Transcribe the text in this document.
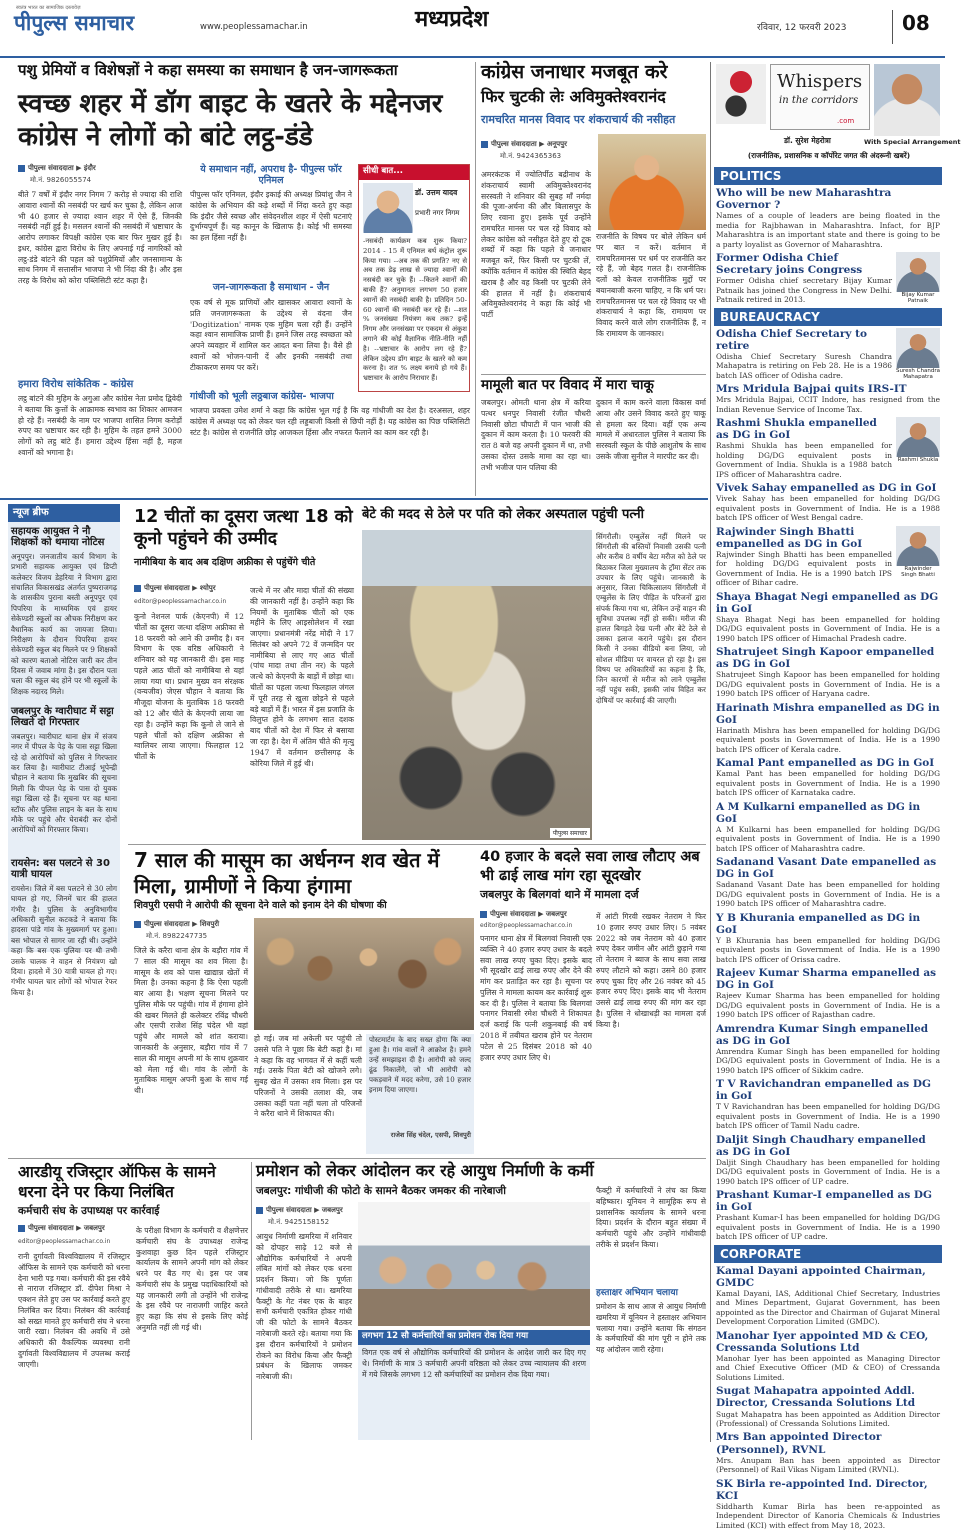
पीपुल्स समाचार
स्वतंत्र भारत का सामाजिक दस्तावेज़
www.peoplessamachar.in	मध्यप्रदेश	रविवार, 12 फरवरी 2023	08
पशु प्रेमियों व विशेषज्ञों ने कहा समस्या का समाधान है जन-जागरूकता
स्वच्छ शहर में डॉग बाइट के खतरे के मद्देनजर कांग्रेस ने लोगों को बांटे लट्ठ-डंडे
पीपुल्स संवाददाता ▶ इंदौर
मो.नं. 9826055574
बीते 7 वर्षों में इंदौर नगर निगम 7 करोड़ से ज्यादा की राशि आवारा श्वानों की नसबंदी पर खर्च कर चुका है, लेकिन आज भी 40 हजार से ज्यादा श्वान शहर में ऐसे हैं, जिनकी नसबंदी नहीं हुई है। मसलन श्वानों की नसबंदी में भ्रष्टाचार के आरोप लगाकर विपक्षी कांग्रेस एक बार फिर मुखर हुई है। इधर, कांग्रेस द्वारा विरोध के लिए अपनाई गई नागरिकों को लट्ठ-डंडे बांटने की पहल को पशुप्रेमियों और जनसामान्य के साथ निगम में सत्तासीन भाजपा ने भी निंदा की है। और इस तरह के विरोध को कोरा पब्लिसिटी स्टंट कहा है।
हमारा विरोध सांकेतिक - कांग्रेस
लट्ठ बांटने की मुहिम के अगुआ और कांग्रेस नेता प्रमोद द्विवेदी ने बताया कि कुत्तों के आक्रामक स्वभाव का शिकार आमजन हो रहे हैं। नसबंदी के नाम पर भाजपा शासित निगम करोड़ों रुपए का भ्रष्टाचार कर रही है। मुहिम के तहत हमने 3000 लोगों को लट्ठ बांटे हैं। हमारा उद्देश्य हिंसा नहीं है, महज श्वानों को भगाना है।
ये समाधान नहीं, अपराध है- पीपुल्स फॉर एनिमल
पीपुल्स फॉर एनिमल, इंदौर इकाई की अध्यक्ष प्रियांशु जैन ने कांग्रेस के अभियान की कड़े शब्दों में निंदा करते हुए कहा कि इंदौर जैसे स्वच्छ और संवेदनशील शहर में ऐसी घटनाएं दुर्भाग्यपूर्ण हैं। यह कानून के खिलाफ है। कोई भी समस्या का हल हिंसा नहीं है।
जन-जागरूकता है समाधान - जैन
एक वर्ष से मूक प्राणियों और खासकर आवारा श्वानों के प्रति जनजागरूकता के उद्देश्य से वंदना जैन 'Dogitization' नामक एक मुहिम चला रही हैं। उन्होंने कहा श्वान सामाजिक प्राणी हैं। हमने जिस तरह स्वच्छता को अपने व्यवहार में शामिल कर आदत बना लिया है। वैसे ही श्वानों को भोजन-पानी दें और इनकी नसबंदी तथा टीकाकरण समय पर करें।
गांधीजी को भूली लठ्ठबाज कांग्रेस- भाजपा
भाजपा प्रवक्ता उमेश शर्मा ने कहा कि कांग्रेस भूल गई है कि वह गांधीजी का देश है। दरअसल, शहर कांग्रेस में अध्यक्ष पद को लेकर चल रही लड्डबाजी किसी से छिपी नहीं है। यह कांग्रेस का पिछ पब्लिसिटी स्टंट है। कांग्रेस से राजनीति छोड़ आजकल हिंसा और नफरत फैलाने का काम कर रही है।
सीधी बात...
डॉ. उत्तम यादव
प्रभारी नगर निगम
-नसबंदी कार्यक्रम कब शुरू किया? 2014 - 15 में एनिमल बर्थ कंट्रोल शुरू किया गया। --अब तक की प्रगति? नए से अब तक डेढ़ लाख से ज्यादा श्वानों की नसबंदी कर चुके हैं। --कितने श्वानों की बाकी हैं? अनुमानतः लगभग 50 हजार श्वानों की नसबंदी बाकी है। प्रतिदिन 50-60 श्वानों की नसबंदी कर रहे हैं। --शत % जनसंख्या नियंत्रण कब तक? इन्हें निगम और जनसंख्या पर एकदम से अंकुश लगाने की कोई वैज्ञानिक नीति-नीति नहीं है। --भ्रष्टाचार के आरोप लग रहे हैं? लेकिन उद्देश्य डॉग बाइट के खतरे को कम करना है। शत % लक्ष्य बनाये हो गये हैं। भ्रष्टाचार के आरोप निराधार हैं।
कांग्रेस जनाधार मजबूत करे
फिर चुटकी लेः अविमुक्तेश्वरानंद
रामचरित मानस विवाद पर शंकराचार्य की नसीहत
पीपुल्स संवाददाता ▶ अनूपपुर
मो.नं. 9424365363
अमरकंटक में ज्योतिर्पीठ बद्रीनाथ के शंकराचार्य स्वामी अविमुक्तेश्वरानंद सरस्वती ने शनिवार की सुबह माँ नर्मदा की पूजा-अर्चना की और बिलासपुर के लिए रवाना हुए। इसके पूर्व उन्होंने रामचरित मानस पर चल रहे विवाद को लेकर कांग्रेस को नसीहत देते हुए दो टूक शब्दों में कहा कि पहले वे जनाधार मजबूत करें, फिर किसी पर चुटकी लें, क्योंकि वर्तमान में कांग्रेस की स्थिति बेहद खराब है और वह किसी पर चुटकी लेने की हालत में नहीं है। शंकराचार्य अविमुक्तेश्वरानंद ने कहा कि कोई भी पार्टी
राजनीति के विषय पर बोले लेकिन धर्म पर बात न करें। वर्तमान में रामचरितमानस पर धर्म पर राजनीति कर रहे हैं, जो बेहद गलत है। राजनीतिक दलों को केवल राजनीतिक मुद्दों पर बयानबाजी करना चाहिए, न कि धर्म पर। रामचरितमानस पर चल रहे विवाद पर भी शंकराचार्य ने कहा कि, रामायण पर विवाद करने वाले लोग राजनीतिक हैं, न कि रामायण के जानकार।
मामूली बात पर विवाद में मारा चाकू
जबलपुर। ओमती थाना क्षेत्र में करिया पत्थर धनपुर निवासी रंजीत चौधरी निवासी छोटा चौपाटी में पान भाजी की दुकान में काम करता है। 10 फरवरी की रात 8 बजे वह अपनी दुकान में था, तभी उसका दोस्त उसके मामा का रहा था। तभी भजीज पान पलिया की
दुकान में काम करने वाला विकास वर्मा आया और उसने विवाद करते हुए चाकू से हमला कर दिया। वहीं एक अन्य मामले में अधारताल पुलिस ने बताया कि सरस्वती स्कूल के पीछे आशुतोष के साथ उसके जीजा सुनील ने मारपीट कर दी।
Whispers
in the corridors
.com
डॉ. सुरेश मेहरोत्रा	With Special Arrangement
(राजनीतिक, प्रशासनिक व कॉर्पोरेट जगत की अंदरूनी खबरें)
POLITICS
Who will be new Maharashtra Governor ?
Names of a couple of leaders are being floated in the media for Rajbhawan in Maharashtra. Infact, for BJP Maharashtra is an important state and there is going to be a party loyalist as Governor of Maharashtra.
Bijay Kumar Patnaik
Former Odisha Chief Secretary joins Congress
Former Odisha chief secretary Bijay Kumar Patnaik has joined the Congress in New Delhi. Patnaik retired in 2013.
BUREAUCRACY
Suresh Chandra Mahapatra
Odisha Chief Secretary to retire
Odisha Chief Secretary Suresh Chandra Mahapatra is retiring on Feb 28. He is a 1986 batch IAS officer of Odisha cadre.
Mrs Mridula Bajpai quits IRS-IT
Mrs Mridula Bajpai, CCIT Indore, has resigned from the Indian Revenue Service of Income Tax.
Rashmi Shukla
Rashmi Shukla empanelled as DG in GoI
Rashmi Shukla has been empanelled for holding DG/DG equivalent posts in Government of India. Shukla is a 1988 batch IPS officer of Maharashtra cadre.
Vivek Sahay empanelled as DG in GoI
Vivek Sahay has been empanelled for holding DG/DG equivalent posts in Government of India. He is a 1988 batch IPS officer of West Bengal cadre.
Rajwinder Singh Bhatti
Rajwinder Singh Bhatti empanelled as DG in GoI
Rajwinder Singh Bhatti has been empanelled for holding DG/DG equivalent posts in Government of India. He is a 1990 batch IPS officer of Bihar cadre.
Shaya Bhagat Negi empanelled as DG in GoI
Shaya Bhagat Negi has been empanelled for holding DG/DG equivalent posts in Government of India. He is a 1990 batch IPS officer of Himachal Pradesh cadre.
Shatrujeet Singh Kapoor empanelled as DG in GoI
Shatrujeet Singh Kapoor has been empanelled for holding DG/DG equivalent posts in Government of India. He is a 1990 batch IPS officer of Haryana cadre.
Harinath Mishra empanelled as DG in GoI
Harinath Mishra has been empanelled for holding DG/DG equivalent posts in Government of India. He is a 1990 batch IPS officer of Kerala cadre.
Kamal Pant empanelled as DG in GoI
Kamal Pant has been empanelled for holding DG/DG equivalent posts in Government of India. He is a 1990 batch IPS officer of Karnataka cadre.
A M Kulkarni empanelled as DG in GoI
A M Kulkarni has been empanelled for holding DG/DG equivalent posts in Government of India. He is a 1990 batch IPS officer of Maharashtra cadre.
Sadanand Vasant Date empanelled as DG in GoI
Sadanand Vasant Date has been empanelled for holding DG/DG equivalent posts in Government of India. He is a 1990 batch IPS officer of Maharashtra cadre.
Y B Khurania empanelled as DG in GoI
Y B Khurania has been empanelled for holding DG/DG equivalent posts in Government of India. He is a 1990 batch IPS officer of Orissa cadre.
Rajeev Kumar Sharma empanelled as DG in GoI
Rajeev Kumar Sharma has been empanelled for holding DG/DG equivalent posts in Government of India. He is a 1990 batch IPS officer of Rajasthan cadre.
Amrendra Kumar Singh empanelled as DG in GoI
Amrendra Kumar Singh has been empanelled for holding DG/DG equivalent posts in Government of India. He is a 1990 batch IPS officer of Sikkim cadre.
T V Ravichandran empanelled as DG in GoI
T V Ravichandran has been empanelled for holding DG/DG equivalent posts in Government of India. He is a 1990 batch IPS officer of Tamil Nadu cadre.
Daljit Singh Chaudhary empanelled as DG in GoI
Daljit Singh Chaudhary has been empanelled for holding DG/DG equivalent posts in Government of India. He is a 1990 batch IPS officer of UP cadre.
Prashant Kumar-I empanelled as DG in GoI
Prashant Kumar-I has been empanelled for holding DG/DG equivalent posts in Government of India. He is a 1990 batch IPS officer of UP cadre.
CORPORATE
Kamal Dayani appointed Chairman, GMDC
Kamal Dayani, IAS, Additional Chief Secretary, Industries and Mines Department, Gujarat Government, has been appointed as the Director and Chairman of Gujarat Mineral Development Corporation Limited (GMDC).
Manohar Iyer appointed MD & CEO, Cressanda Solutions Ltd
Manohar Iyer has been appointed as Managing Director and Chief Executive Officer (MD & CEO) of Cressanda Solutions Limited.
Sugat Mahapatra appointed Addl. Director, Cressanda Solutions Ltd
Sugat Mahapatra has been appointed as Addition Director (Professional) of Cressanda Solutions Limited.
Mrs Ban appointed Director (Personnel), RVNL
Mrs. Anupam Ban has been appointed as Director (Personnel) of Rail Vikas Nigam Limited (RVNL).
SK Birla re-appointed Ind. Director, KCI
Siddharth Kumar Birla has been re-appointed as Independent Director of Kanoria Chemicals & Industries Limited (KCI) with effect from May 18, 2023.
न्यूज ब्रीफ
सहायक आयुक्त ने नौ शिक्षकों को थमाया नोटिस
अनूपपुर। जनजातीय कार्य विभाग के प्रभारी सहायक आयुक्त एवं डिप्टी कलेक्टर विजय डेहरिया ने विभाग द्वारा संचालित विकासखंड अंतर्गत पुष्पराजगढ़ के शासकीय पुराना बस्ती अनूपपुर एवं पिपरिया के माध्यमिक एवं हायर सेकेण्डरी स्कूलों का औचक निरीक्षण कर वैधानिक कार्य का जायजा लिया। निरीक्षण के दौरान पिपरिया हायर सेकेण्डरी स्कूल बंद मिलने पर 9 शिक्षकों को कारण बताओ नोटिस जारी कर तीन दिवस में जवाब मांगा है। इस दौरान पता चला की स्कूल बंद होने पर भी स्कूलों के शिक्षक नदारद मिले।
जबलपुर के ग्वारीघाट में सट्टा लिखते दो गिरफ्तार
जबलपुर। ग्वारीघाट थाना क्षेत्र में संजय नगर में पीपल के पेड़ के पास सट्टा खिला रहे दो आरोपियों को पुलिस ने गिरफ्तार कर लिया है। ग्वारीघाट टीआई भूपेन्द्री चौहान ने बताया कि मुखबिर की सूचना मिली कि पीपल पेड़ के पास दो युवक सट्टा खिला रहे हैं। सूचना पर वह थाना स्टॉफ और पुलिस लाइन के बल के साथ मौके पर पहुंचे और घेराबंदी कर दोनों आरोपियों को गिरफ्तार किया।
रायसेन: बस पलटने से 30 यात्री घायल
रायसेन। जिले में बस पलटने से 30 लोग घायल हो गए, जिनमें चार की हालत गंभीर है। पुलिस के अनुविभागीय अधिकारी सुनील कटकडे ने बताया कि हादसा पांडे गांव के मुख्यमार्ग पर हुआ। बस भोपाल से सागर जा रही थी। उन्होंने कहा कि बस एक पुलिया पर थी तभी उसके चालक ने वाहन से नियंत्रण खो दिया। हादसे में 30 यात्री घायल हो गए। गंभीर घायल चार लोगों को भोपाल रेफर किया है।
12 चीतों का दूसरा जत्था 18 को कूनो पहुंचने की उम्मीद
नामीबिया के बाद अब दक्षिण अफ्रीका से पहुंचेंगे चीते
पीपुल्स संवाददाता ▶ श्योपुर
editor@peoplessamachar.co.in
कूनो नेशनल पार्क (केएनपी) में 12 चीतों का दूसरा जत्था दक्षिण अफ्रीका से 18 फरवरी को आने की उम्मीद है। वन विभाग के एक वरिष्ठ अधिकारी ने शनिवार को यह जानकारी दी। इस माह पहले आठ चीतों को नामीबिया से यहां लाया गया था। प्रधान मुख्य वन संरक्षक (वन्यजीव) जेएस चौहान ने बताया कि मौजूदा योजना के मुताबिक 18 फरवरी को 12 और चीते के केएनपी लाया जा रहा है। उन्होंने कहा कि कूनो ले जाने से पहले चीतों को दक्षिण अफ्रीका से ग्वालियर लाया जाएगा। फिलहाल 12 चीतों के
जत्थे में नर और मादा चीतों की संख्या की जानकारी नहीं है। उन्होंने कहा कि नियमों के मुताबिक चीतों को एक महीने के लिए आइसोलेशन में रखा जाएगा। प्रधानमंत्री नरेंद्र मोदी ने 17 सितंबर को अपने 72 वें जन्मदिन पर नामीबिया से लाए गए आठ चीतों (पांच मादा तथा तीन नर) के पहले जत्थे को केएनपी के बाड़ों में छोड़ा था। चीतों का पहला जत्था फिलहाल जंगल में पूरी तरह से खुला छोड़ने से पहले बड़े बाड़ों में हैं। भारत में इस प्रजाति के विलुप्त होने के लगभग सात दशक बाद चीतों को देश में फिर से बसाया जा रहा है। देश में अंतिम चीते की मृत्यु 1947 में वर्तमान छत्तीसगढ़ के कोरिया जिले में हुई थी।
बेटे की मदद से ठेले पर पति को लेकर अस्पताल पहुंची पत्नी
पीपुल्स समाचार
सिंगरौली। एम्बुलेंस नहीं मिलने पर सिंगरौली की बस्तियों निवासी उसकी पत्नी और करीब 8 वर्षीय बेटा मरीज को ठेले पर बिठाकर जिला मुख्यालय के ट्रॉमा सेंटर तक उपचार के लिए पहुंचे। जानकारी के अनुसार, जिला चिकित्सालय सिंगरौली में एम्बुलेंस के लिए पीड़ित के परिजनों द्वारा संपर्क किया गया था, लेकिन उन्हें वाहन की सुविधा उपलब्ध नहीं हो सकी। मरीज की हालत बिगड़ते देख पत्नी और बेटे ठेले से उसका इलाज कराने पहुंचे। इस दौरान किसी ने उनका वीडियो बना लिया, जो सोशल मीडिया पर वायरल हो रहा है। इस विषय पर अधिकारियों का कहना है कि, जिन कारणों से मरीज को लाने एम्बुलेंस नहीं पहुंच सकी, इसकी जांच विहित कर दोषियों पर कार्रवाई की जाएगी।
7 साल की मासूम का अर्धनग्न शव खेत में मिला, ग्रामीणों ने किया हंगामा
शिवपुरी एसपी ने आरोपी की सूचना देने वाले को इनाम देने की घोषणा की
पीपुल्स संवाददाता ▶ शिवपुरी
मो.नं. 8982247735
जिले के करैरा थाना क्षेत्र के बड़ौरा गांव में 7 साल की मासूम का शव मिला है। मासूम के शव को पास खाद्यान्न खेतों में मिला है। उनका कहना है कि ऐसा पहली बार आया है। भक्षण सूचना मिलने पर पुलिस मौके पर पहुंची। गांव में हंगामा होने की खबर मिलते ही कलेक्टर रविंद्र चौधरी और एसपी राजेश सिंह चंदेल भी वहां पहुंचे और मामले को शांत कराया। जानकारी के अनुसार, बड़ौरा गांव में 7 साल की मासूम अपनी मां के साथ शुक्रवार को मेला गई थी। गांव के लोगों के मुताबिक मासूम अपनी बुआ के साथ गई थी।
हो गई। जब मां अकेली घर पहुंची तो उससे पति ने पूछा कि बेटी कहां है। मां ने कहा कि वह भागवत में से कहीं चली गई। उसके पिता बेटी को खोजने लगे। सुबह खेत में उसका शव मिला। इस पर परिजनों ने उसकी तलाश की, जब उसका कहीं पता नहीं चला तो परिजनों ने करैरा थाने में शिकायत की।
पोस्टमार्टम के बाद सख्त होगा कि क्या हुआ है। गांव वालों ने आक्रोश है। हमने उन्हें समझाइश दी है। आरोपी को जल्द ढूंढ निकालेंगे, जो भी आरोपी को पकड़वाने में मदद करेगा, उसे 10 हजार इनाम दिया जाएगा।
राजेश सिंह चंदेल, एसपी, शिवपुरी
40 हजार के बदले सवा लाख लौटाए अब भी ढाई लाख मांग रहा सूदखोर
जबलपुर के बिलगवां थाने में मामला दर्ज
पीपुल्स संवाददाता ▶ जबलपुर
editor@peoplessamachar.co.in
पनागर थाना क्षेत्र में बिलगवां निवासी एक व्यक्ति ने 40 हजार रुपए उधार के बदले सवा लाख रुपए चुका दिए। इसके बाद भी सूदखोर ढाई लाख रुपए और देने की मांग कर प्रताड़ित कर रहा है। सूचना पर पुलिस ने मामला कायम कर कार्रवाई शुरू कर दी है। पुलिस ने बताया कि बिलगवां पनागर निवासी रमेश चौधरी ने शिकायत दर्ज कराई कि पत्नी शकुनबाई की वर्ष 2018 में तबीयत खराब होने पर नेतराम पटेल से 25 दिसंबर 2018 को 40 हजार रुपए उधार लिए थे।
में आंटी गिरवी रखकर नेतराम ने फिर 10 हजार रुपए उधार लिए। 5 नवंबर 2022 को जब नेतराम को 40 हजार रुपए देकर जमीन और आंटी छुड़ाने गया तो नेतराम ने ब्याज के साथ सवा लाख रुपए लौटाने को कहा। उसने 80 हजार रुपए चुका दिए और 26 नवंबर को 45 हजार रुपए दिए। इसके बाद भी नेतराम उससे ढाई लाख रुपए की मांग कर रहा है। पुलिस ने धोखाधड़ी का मामला दर्ज किया है।
आरडीयू रजिस्ट्रार ऑफिस के सामने धरना देने पर किया निलंबित
कर्मचारी संघ के उपाध्यक्ष पर कार्रवाई
पीपुल्स संवाददाता ▶ जबलपुर
editor@peoplessamachar.co.in
रानी दुर्गावती विश्वविद्यालय में रजिस्ट्रार ऑफिस के सामने एक कर्मचारी को धरना देना भारी पड़ गया। कर्मचारी की इस रवैये से नाराज रजिस्ट्रार डॉ. दीपेश मिश्रा ने एक्शन लेते हुए उस पर कार्रवाई करते हुए निलंबित कर दिया। निलंबन की कार्रवाई को सख्त मानते हुए कर्मचारी संघ ने धरना जारी रखा। निलंबन की अवधि में उसे अधिकारी की वैकल्पिक व्यवस्था रानी दुर्गावती विश्वविद्यालय में उपलब्ध कराई जाएगी।
के परीक्षा विभाग के कर्मचारी व शैक्षणेत्तर कर्मचारी संघ के उपाध्यक्ष राजेन्द्र कुशवाहा कुछ दिन पहले रजिस्ट्रार कार्यालय के सामने अपनी मांग को लेकर धरने पर बैठ गए थे। इस पर जब कर्मचारी संघ के प्रमुख पदाधिकारियों को यह जानकारी लगी तो उन्होंने भी राजेन्द्र के इस रवैये पर नाराजगी जाहिर करते हुए कहा कि संघ से इसके लिए कोई अनुमति नहीं ली गई थी।
प्रमोशन को लेकर आंदोलन कर रहे आयुध निर्माणी के कर्मी
जबलपुर: गांधीजी की फोटो के सामने बैठकर जमकर की नारेबाजी
पीपुल्स संवाददाता ▶ जबलपुर
मो.नं. 9425158152
आयुध निर्माणी खमरिया में शनिवार को दोपहर साढ़े 12 बजे से औद्योगिक कर्मचारियों ने अपनी लंबित मांगों को लेकर एक धरना प्रदर्शन किया। जो कि पूर्णतः गांधीवादी तरीके से था। खमरिया फैक्ट्री के गेट नंबर एक के बाहर सभी कर्मचारी एकत्रित होकर गांधी जी की फोटो के सामने बैठकर नारेबाजी करते रहे। बताया गया कि इस दौरान कर्मचारियों ने प्रमोशन रोकने का विरोध किया और फैक्ट्री प्रबंधन के खिलाफ जमकर नारेबाजी की।
लगभग 12 सौ कर्मचारियों का प्रमोशन रोक दिया गया
विगत एक वर्ष से औद्योगिक कर्मचारियों की प्रमोशन के आदेश जारी कर दिए गए थे। निर्माणी के मात्र 3 कर्मचारी अपनी वरिष्ठता को लेकर उच्च न्यायालय की शरण में गये जिसके लगभग 12 सौ कर्मचारियों का प्रमोशन रोक दिया गया।
फैक्ट्री में कर्मचारियों ने लंच का किया बहिष्कार। यूनियन ने सामूहिक रूप से प्रशासनिक कार्यालय के सामने धरना दिया। प्रदर्शन के दौरान बहुत संख्या में कर्मचारी पहुंचे और उन्होंने गांधीवादी तरीके से प्रदर्शन किया।
हस्ताक्षर अभियान चलाया
प्रमोशन के साथ आज से आयुध निर्माणी खमरिया में यूनियन ने हस्ताक्षर अभियान चलाया गया। उन्होंने बताया कि संगठन के कर्मचारियों की मांग पूरी न होने तक यह आंदोलन जारी रहेगा।
